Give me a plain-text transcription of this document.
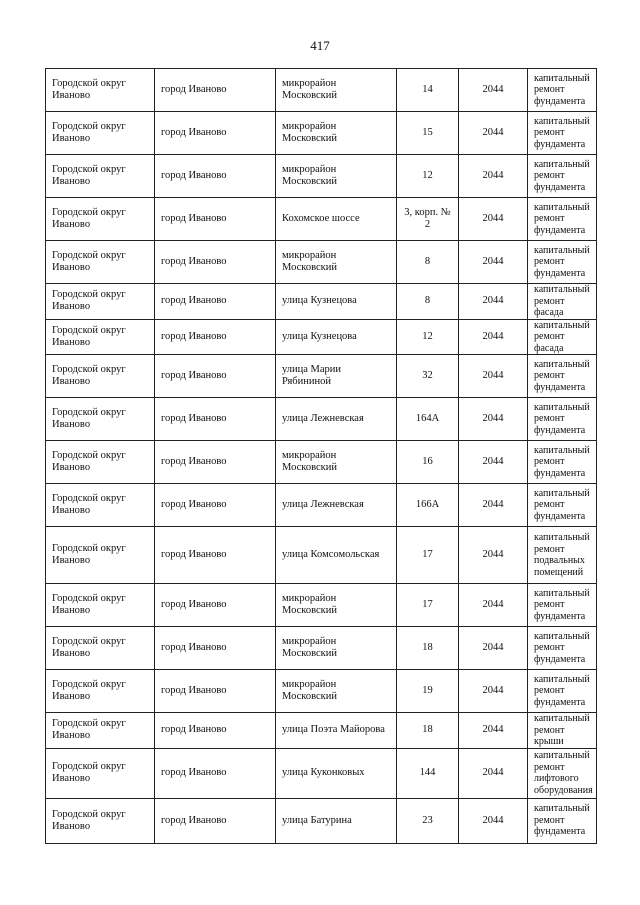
417
Городской округ Иваново	город Иваново	микрорайон Московский	14	2044	капитальный ремонт фундамента
Городской округ Иваново	город Иваново	микрорайон Московский	15	2044	капитальный ремонт фундамента
Городской округ Иваново	город Иваново	микрорайон Московский	12	2044	капитальный ремонт фундамента
Городской округ Иваново	город Иваново	Кохомское шоссе	3, корп. № 2	2044	капитальный ремонт фундамента
Городской округ Иваново	город Иваново	микрорайон Московский	8	2044	капитальный ремонт фундамента
Городской округ Иваново	город Иваново	улица Кузнецова	8	2044	капитальный ремонт фасада
Городской округ Иваново	город Иваново	улица Кузнецова	12	2044	капитальный ремонт фасада
Городской округ Иваново	город Иваново	улица Марии Рябининой	32	2044	капитальный ремонт фундамента
Городской округ Иваново	город Иваново	улица Лежневская	164А	2044	капитальный ремонт фундамента
Городской округ Иваново	город Иваново	микрорайон Московский	16	2044	капитальный ремонт фундамента
Городской округ Иваново	город Иваново	улица Лежневская	166А	2044	капитальный ремонт фундамента
Городской округ Иваново	город Иваново	улица Комсомольская	17	2044	капитальный ремонт подвальных помещений
Городской округ Иваново	город Иваново	микрорайон Московский	17	2044	капитальный ремонт фундамента
Городской округ Иваново	город Иваново	микрорайон Московский	18	2044	капитальный ремонт фундамента
Городской округ Иваново	город Иваново	микрорайон Московский	19	2044	капитальный ремонт фундамента
Городской округ Иваново	город Иваново	улица Поэта Майорова	18	2044	капитальный ремонт крыши
Городской округ Иваново	город Иваново	улица Куконковых	144	2044	капитальный ремонт лифтового оборудования
Городской округ Иваново	город Иваново	улица Батурина	23	2044	капитальный ремонт фундамента
